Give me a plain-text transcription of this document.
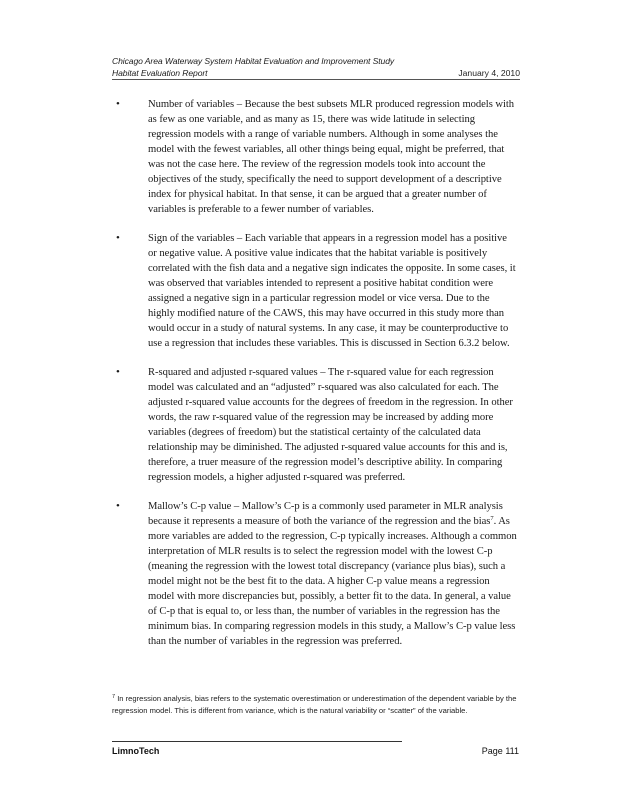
Chicago Area Waterway System Habitat Evaluation and Improvement Study
Habitat Evaluation Report	January 4, 2010
•	Number of variables – Because the best subsets MLR produced regression models with as few as one variable, and as many as 15, there was wide latitude in selecting regression models with a range of variable numbers. Although in some analyses the model with the fewest variables, all other things being equal, might be preferred, that was not the case here. The review of the regression models took into account the objectives of the study, specifically the need to support development of a descriptive index for physical habitat. In that sense, it can be argued that a greater number of variables is preferable to a fewer number of variables.
•	Sign of the variables – Each variable that appears in a regression model has a positive or negative value. A positive value indicates that the habitat variable is positively correlated with the fish data and a negative sign indicates the opposite. In some cases, it was observed that variables intended to represent a positive habitat condition were assigned a negative sign in a particular regression model or vice versa. Due to the highly modified nature of the CAWS, this may have occurred in this study more than would occur in a study of natural systems. In any case, it may be counterproductive to use a regression that includes these variables. This is discussed in Section 6.3.2 below.
•	R-squared and adjusted r-squared values – The r-squared value for each regression model was calculated and an “adjusted” r-squared was also calculated for each. The adjusted r-squared value accounts for the degrees of freedom in the regression. In other words, the raw r-squared value of the regression may be increased by adding more variables (degrees of freedom) but the statistical certainty of the calculated data relationship may be diminished. The adjusted r-squared value accounts for this and is, therefore, a truer measure of the regression model’s descriptive ability. In comparing regression models, a higher adjusted r-squared was preferred.
•	Mallow’s C-p value – Mallow’s C-p is a commonly used parameter in MLR analysis because it represents a measure of both the variance of the regression and the bias$^7$. As more variables are added to the regression, C-p typically increases. Although a common interpretation of MLR results is to select the regression model with the lowest C-p (meaning the regression with the lowest total discrepancy (variance plus bias), such a model might not be the best fit to the data. A higher C-p value means a regression model with more discrepancies but, possibly, a better fit to the data. In general, a value of C-p that is equal to, or less than, the number of variables in the regression has the minimum bias. In comparing regression models in this study, a Mallow’s C-p value less than the number of variables in the regression was preferred.
$^7$ In regression analysis, bias refers to the systematic overestimation or underestimation of the dependent variable by the regression model. This is different from variance, which is the natural variability or “scatter” of the variable.
LimnoTech	Page 111
